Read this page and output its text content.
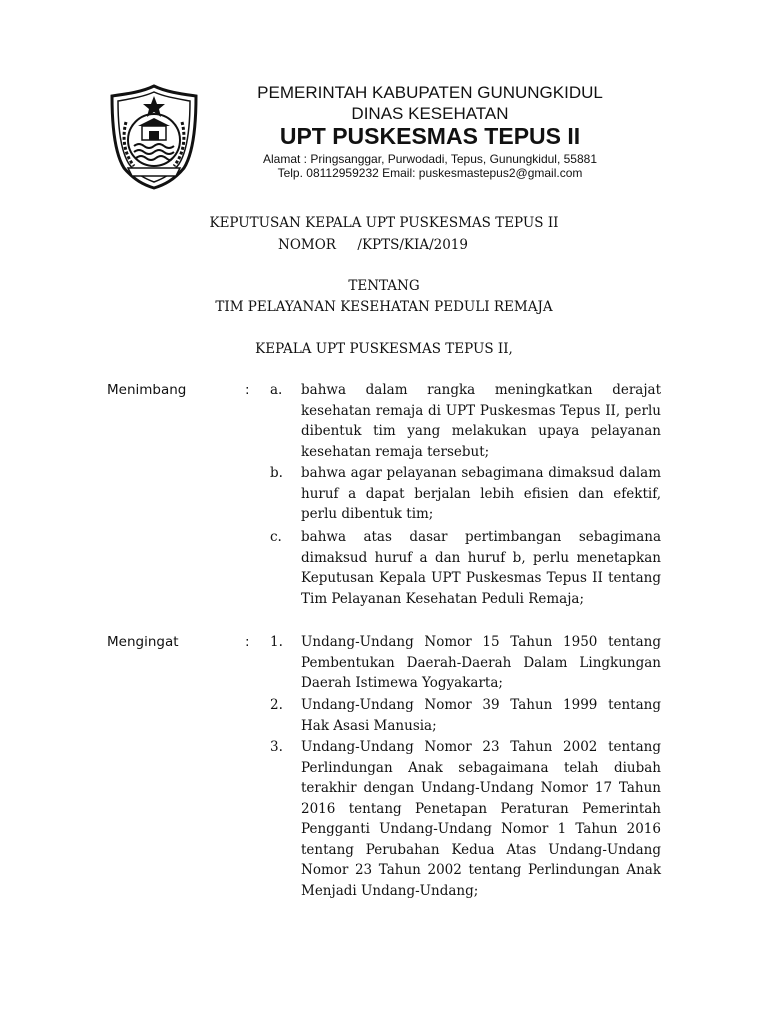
PEMERINTAH KABUPATEN GUNUNGKIDUL
DINAS KESEHATAN
UPT PUSKESMAS TEPUS II
Alamat : Pringsanggar, Purwodadi, Tepus, Gunungkidul, 55881
Telp. 08112959232 Email: puskesmastepus2@gmail.com
KEPUTUSAN KEPALA UPT PUSKESMAS TEPUS II
NOMOR     /KPTS/KIA/2019
TENTANG
TIM PELAYANAN KESEHATAN PEDULI REMAJA
KEPALA UPT PUSKESMAS TEPUS II,
Menimbang	: a. bahwa dalam rangka meningkatkan derajat kesehatan remaja di UPT Puskesmas Tepus II, perlu dibentuk tim yang melakukan upaya pelayanan kesehatan remaja tersebut;
b. bahwa agar pelayanan sebagimana dimaksud dalam huruf a dapat berjalan lebih efisien dan efektif, perlu dibentuk tim;
c. bahwa atas dasar pertimbangan sebagimana dimaksud huruf a dan huruf b, perlu menetapkan Keputusan Kepala UPT Puskesmas Tepus II tentang Tim Pelayanan Kesehatan Peduli Remaja;
Mengingat	: 1. Undang-Undang Nomor 15 Tahun 1950 tentang Pembentukan Daerah-Daerah Dalam Lingkungan Daerah Istimewa Yogyakarta;
2. Undang-Undang Nomor 39 Tahun 1999 tentang Hak Asasi Manusia;
3. Undang-Undang Nomor 23 Tahun 2002 tentang Perlindungan Anak sebagaimana telah diubah terakhir dengan Undang-Undang Nomor 17 Tahun 2016 tentang Penetapan Peraturan Pemerintah Pengganti Undang-Undang Nomor 1 Tahun 2016 tentang Perubahan Kedua Atas Undang-Undang Nomor 23 Tahun 2002 tentang Perlindungan Anak Menjadi Undang-Undang;
